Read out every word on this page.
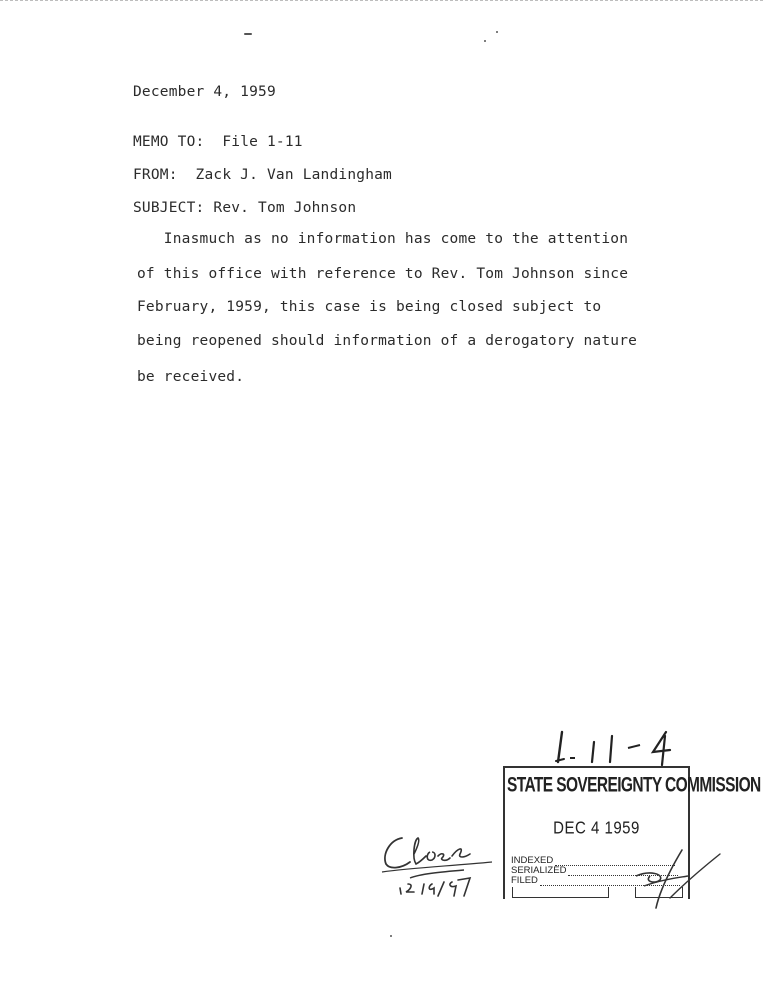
December 4, 1959
MEMO TO: File 1-11
FROM: Zack J. Van Landingham
SUBJECT: Rev. Tom Johnson
Inasmuch as no information has come to the attention
of this office with reference to Rev. Tom Johnson since
February, 1959, this case is being closed subject to
being reopened should information of a derogatory nature
be received.
STATE SOVEREIGNTY COMMISSION
DEC 4 1959
INDEXED
SERIALIZED
FILED
